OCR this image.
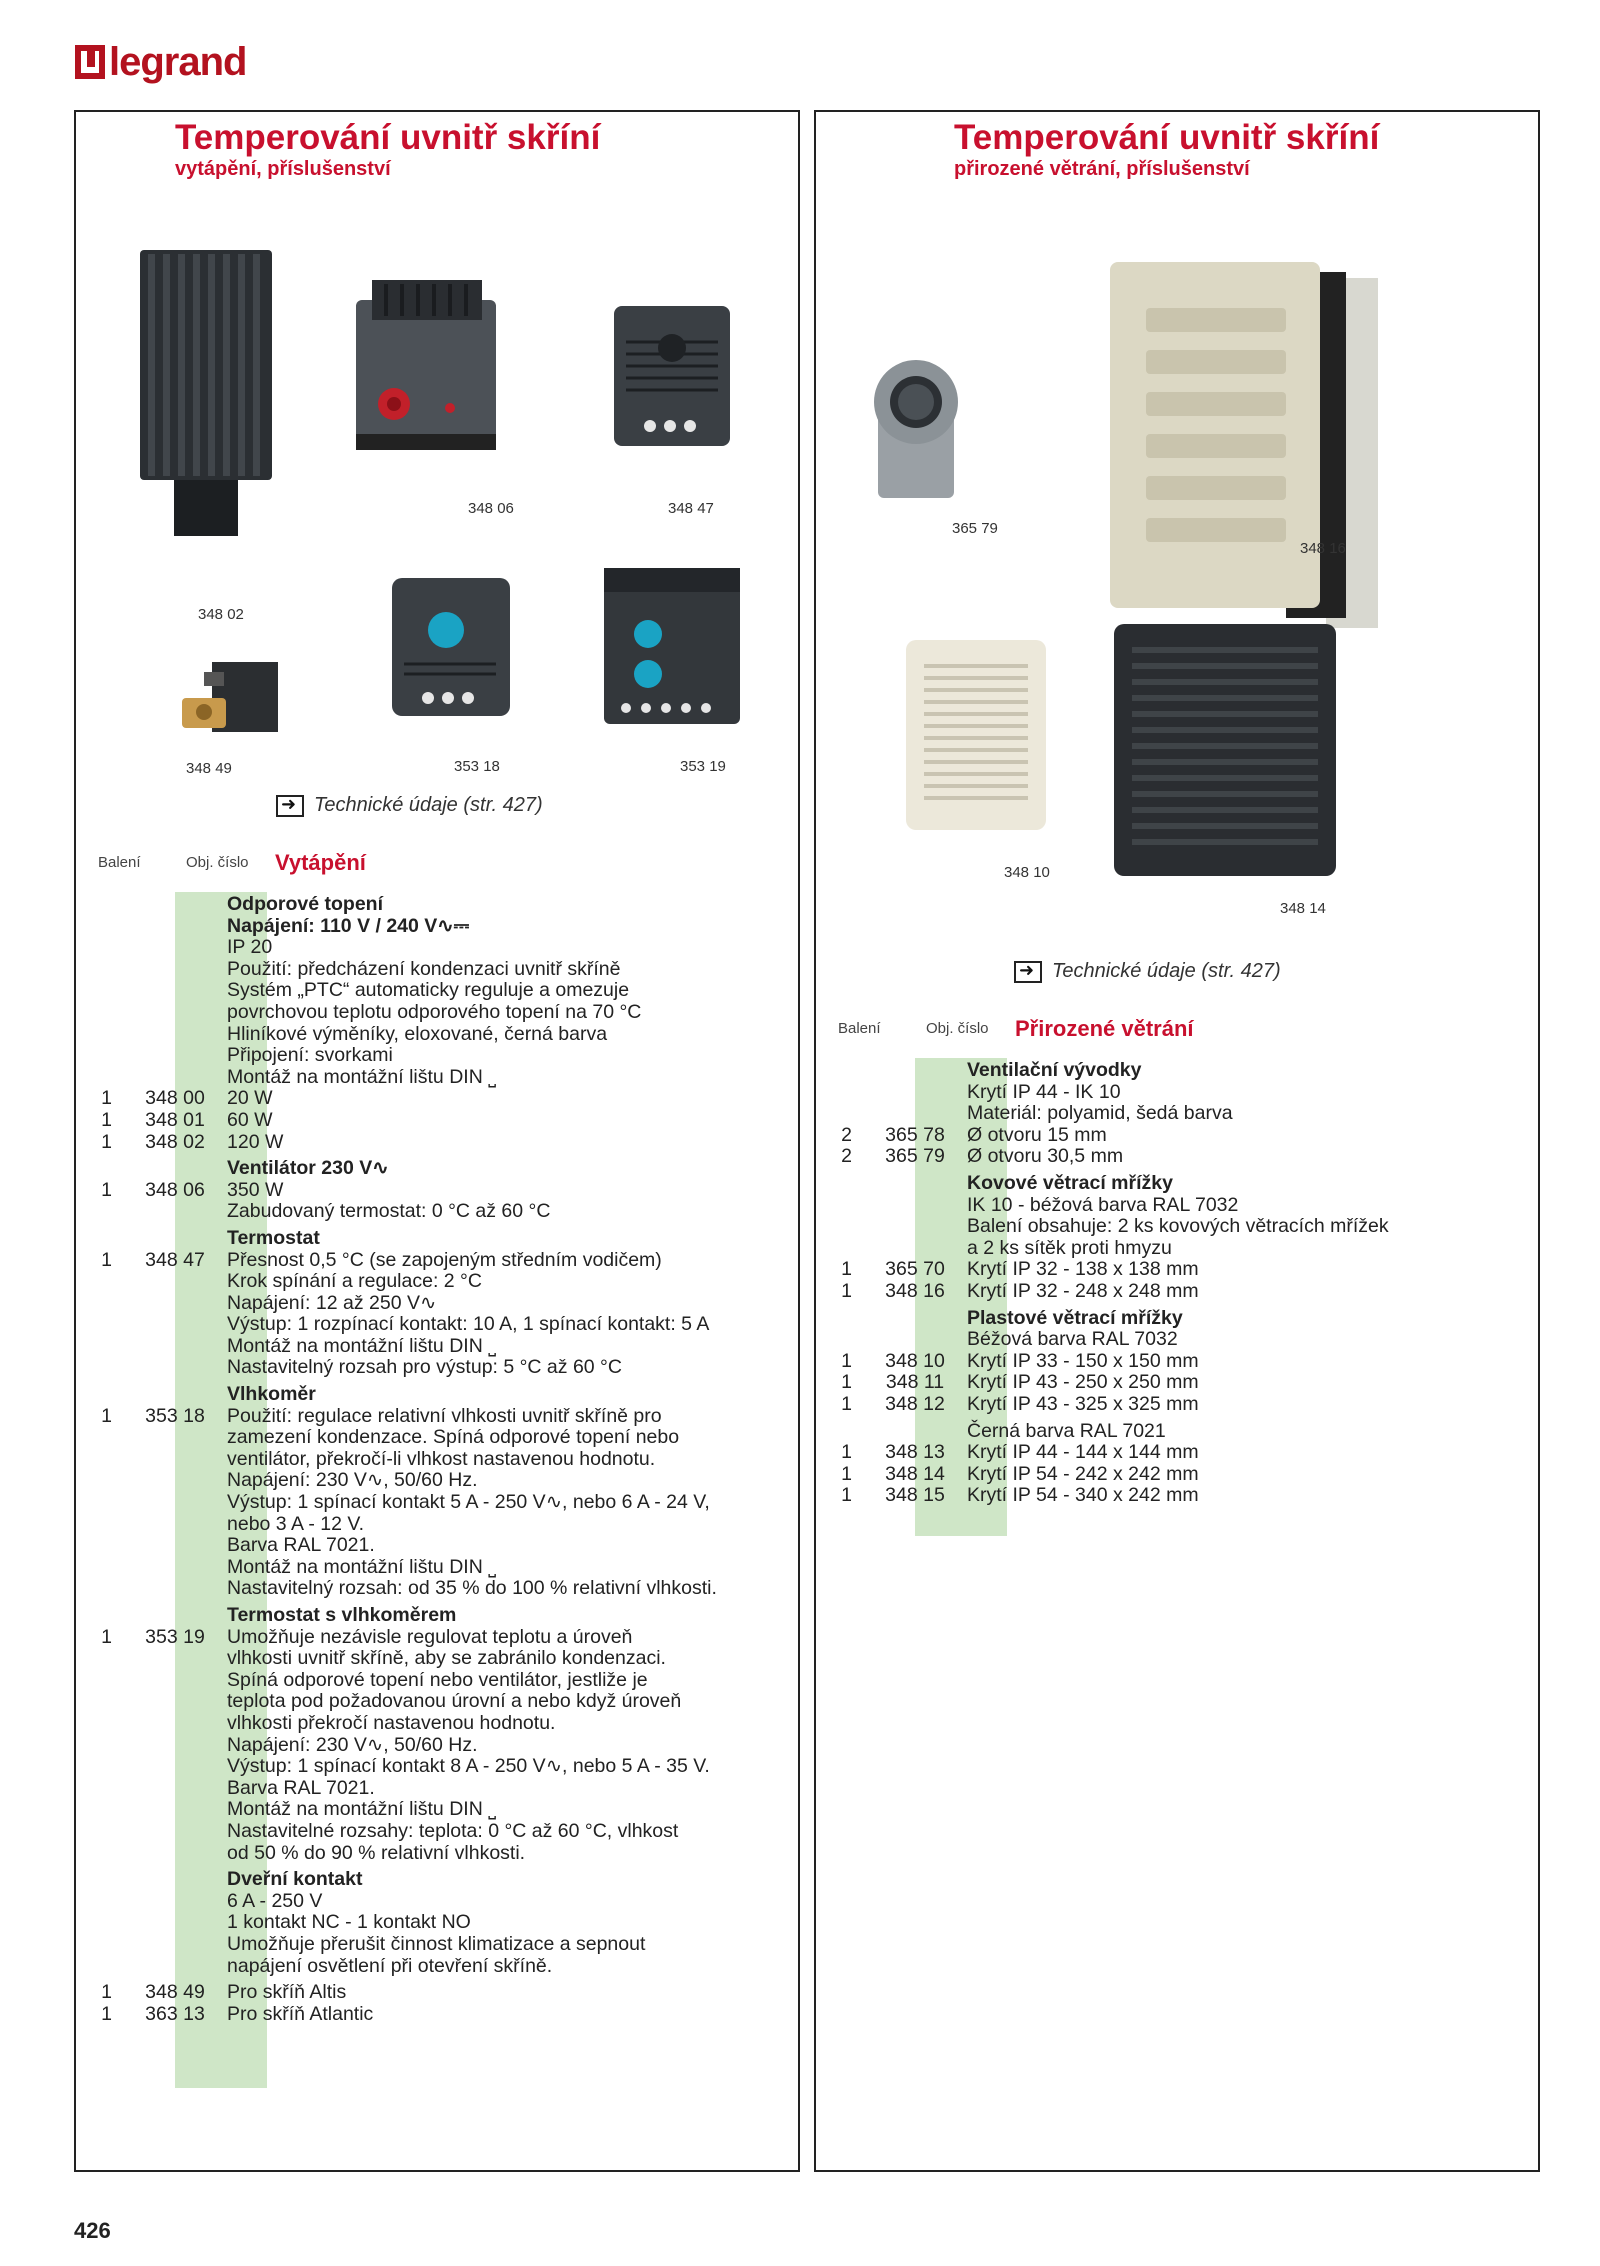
legrand
Temperování uvnitř skříní
vytápění, příslušenství
348 02
348 06	348 47
348 49	353 18	353 19
➜
Technické údaje (str. 427)
Balení	Obj. číslo Vytápění
Odporové topení
Napájení: 110 V / 240 V∿⎓
IP 20
Použití: předcházení kondenzaci uvnitř skříně
Systém „PTC“ automaticky reguluje a omezuje
povrchovou teplotu odporového topení na 70 °C
Hliníkové výměníky, eloxované, černá barva
Připojení: svorkami
Montáž na montážní lištu DIN ⎵
1	348 00	20 W
1	348 01	60 W
1	348 02	120 W
Ventilátor 230 V∿
1	348 06	350 W
Zabudovaný termostat: 0 °C až 60 °C
Termostat
1	348 47	Přesnost 0,5 °C (se zapojeným středním vodičem)
Krok spínání a regulace: 2 °C
Napájení: 12 až 250 V∿
Výstup: 1 rozpínací kontakt: 10 A, 1 spínací kontakt: 5 A
Montáž na montážní lištu DIN ⎵
Nastavitelný rozsah pro výstup: 5 °C až 60 °C
Vlhkoměr
1	353 18	Použití: regulace relativní vlhkosti uvnitř skříně pro
zamezení kondenzace. Spíná odporové topení nebo
ventilátor, překročí-li vlhkost nastavenou hodnotu.
Napájení: 230 V∿, 50/60 Hz.
Výstup: 1 spínací kontakt 5 A - 250 V∿, nebo 6 A - 24 V,
nebo 3 A - 12 V.
Barva RAL 7021.
Montáž na montážní lištu DIN ⎵
Nastavitelný rozsah: od 35 % do 100 % relativní vlhkosti.
Termostat s vlhkoměrem
1	353 19	Umožňuje nezávisle regulovat teplotu a úroveň
vlhkosti uvnitř skříně, aby se zabránilo kondenzaci.
Spíná odporové topení nebo ventilátor, jestliže je
teplota pod požadovanou úrovní a nebo když úroveň
vlhkosti překročí nastavenou hodnotu.
Napájení: 230 V∿, 50/60 Hz.
Výstup: 1 spínací kontakt 8 A - 250 V∿, nebo 5 A - 35 V.
Barva RAL 7021.
Montáž na montážní lištu DIN ⎵
Nastavitelné rozsahy: teplota: 0 °C až 60 °C, vlhkost
od 50 % do 90 % relativní vlhkosti.
Dveřní kontakt
6 A - 250 V
1 kontakt NC - 1 kontakt NO
Umožňuje přerušit činnost klimatizace a sepnout
napájení osvětlení při otevření skříně.
1	348 49	Pro skříň Altis
1	363 13	Pro skříň Atlantic
Temperování uvnitř skříní
přirozené větrání, příslušenství
365 79
348 16
348 10
348 14
➜
Technické údaje (str. 427)
Balení	Obj. číslo Přirozené větrání
Ventilační vývodky
Krytí IP 44 - IK 10
Materiál: polyamid, šedá barva
2	365 78	Ø otvoru 15 mm
2	365 79	Ø otvoru 30,5 mm
Kovové větrací mřížky
IK 10 - béžová barva RAL 7032
Balení obsahuje: 2 ks kovových větracích mřížek
a 2 ks sítěk proti hmyzu
1	365 70	Krytí IP 32 - 138 x 138 mm
1	348 16	Krytí IP 32 - 248 x 248 mm
Plastové větrací mřížky
Béžová barva RAL 7032
1	348 10	Krytí IP 33 - 150 x 150 mm
1	348 11	Krytí IP 43 - 250 x 250 mm
1	348 12	Krytí IP 43 - 325 x 325 mm
Černá barva RAL 7021
1	348 13	Krytí IP 44 - 144 x 144 mm
1	348 14	Krytí IP 54 - 242 x 242 mm
1	348 15	Krytí IP 54 - 340 x 242 mm
426
